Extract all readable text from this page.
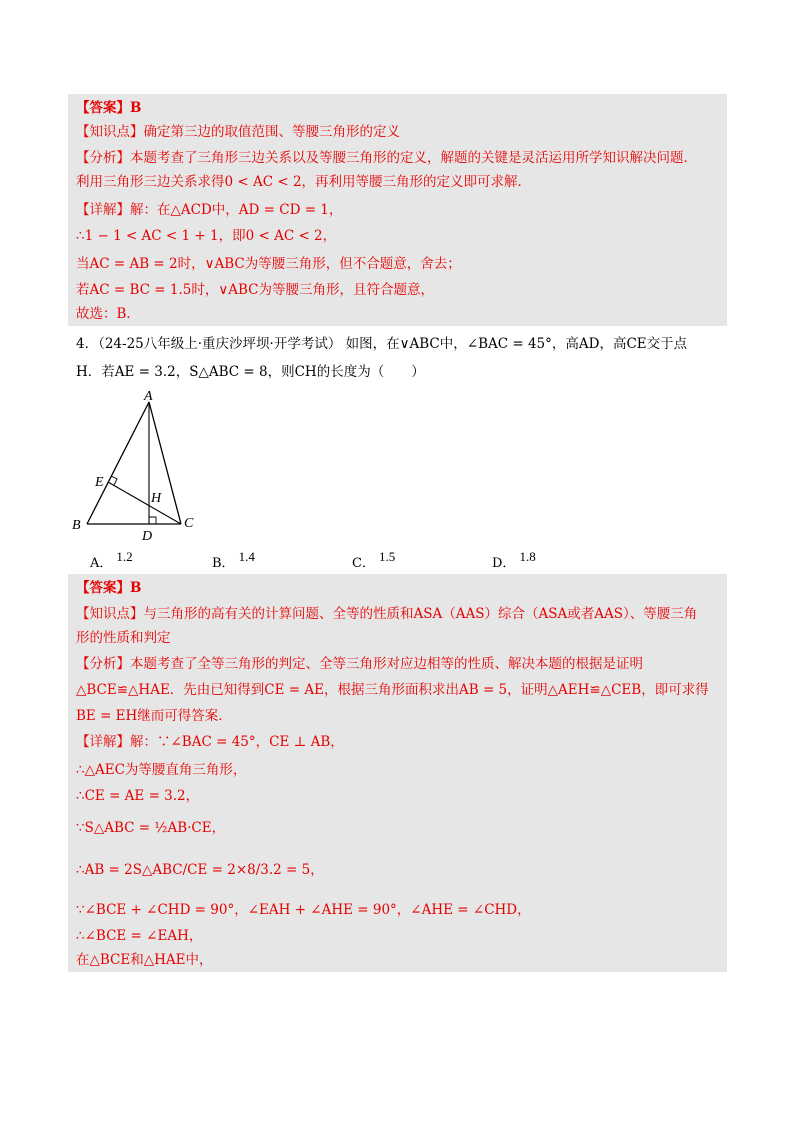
【答案】B
【知识点】确定第三边的取值范围、等腰三角形的定义
【分析】本题考查了三角形三边关系以及等腰三角形的定义，解题的关键是灵活运用所学知识解决问题．
利用三角形三边关系求得0 < AC < 2，再利用等腰三角形的定义即可求解．
【详解】解：在△ACD中，AD = CD = 1，
∴1 − 1 < AC < 1 + 1，即0 < AC < 2，
当AC = AB = 2时，∨ABC为等腰三角形，但不合题意，舍去；
若AC = BC = 1.5时，∨ABC为等腰三角形，且符合题意，
故选：B．
4．（24-25八年级上·重庆沙坪坝·开学考试） 如图，在∨ABC中，∠BAC = 45°，高AD，高CE交于点
H．若AE = 3.2，S△ABC = 8，则CH的长度为（　　）
A
B	C
D
E
H
A． 1.2	B． 1.4	C． 1.5	D． 1.8
【答案】B
【知识点】与三角形的高有关的计算问题、全等的性质和ASA（AAS）综合（ASA或者AAS）、等腰三角
形的性质和判定
【分析】本题考查了全等三角形的判定、全等三角形对应边相等的性质、解决本题的根据是证明
△BCE≌△HAE．先由已知得到CE = AE，根据三角形面积求出AB = 5，证明△AEH≌△CEB，即可求得
BE = EH继而可得答案．
【详解】解：∵∠BAC = 45°，CE ⊥ AB，
∴△AEC为等腰直角三角形，
∴CE = AE = 3.2，
∵S△ABC = ½AB·CE，
∴AB = 2S△ABC/CE = 2×8/3.2 = 5，
∵∠BCE + ∠CHD = 90°，∠EAH + ∠AHE = 90°，∠AHE = ∠CHD，
∴∠BCE = ∠EAH，
在△BCE和△HAE中，
